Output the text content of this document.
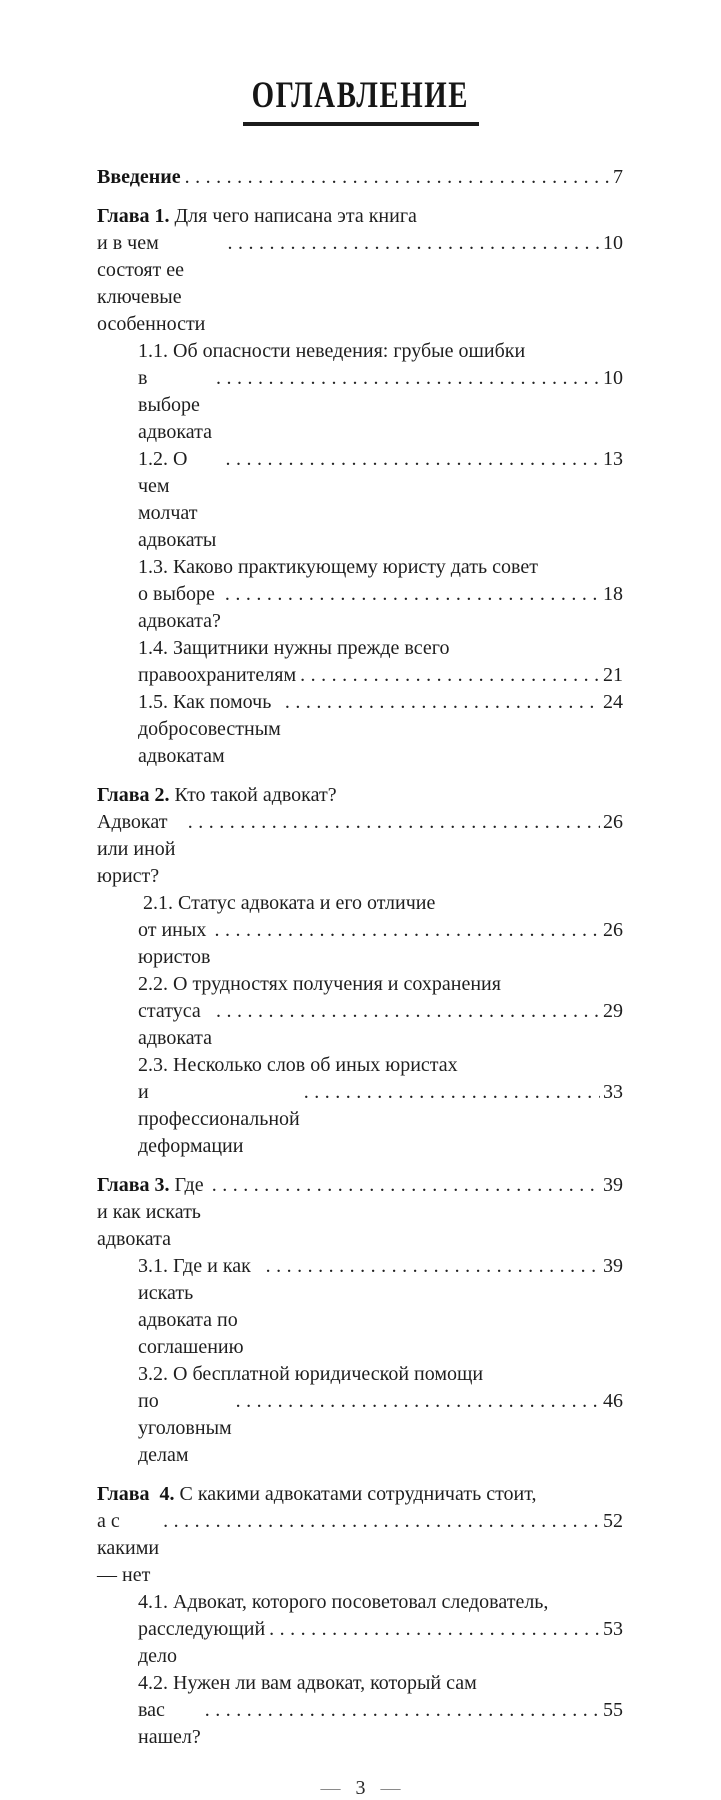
ОГЛАВЛЕНИЕ
Введение .....	7
Глава 1. Для чего написана эта книга
и в чем состоят ее ключевые особенности
.....
10
1.1. Об опасности неведения: грубые ошибки
в выборе адвоката
.....
10
1.2. О чем молчат адвокаты
.....
13
1.3. Каково практикующему юристу дать совет
о выборе адвоката?
.....
18
1.4. Защитники нужны прежде всего
правоохранителям .....	21
1.5. Как помочь добросовестным адвокатам
.....
24
Глава 2. Кто такой адвокат?
Адвокат или иной юрист?
.....
26
2.1. Статус адвоката и его отличие
от иных юристов
.....
26
2.2. О трудностях получения и сохранения
статуса адвоката
.....
29
2.3. Несколько слов об иных юристах
и профессиональной деформации
.....
33
Глава 3. Где и как искать адвоката
.....
39
3.1. Где и как искать адвоката по соглашению
.....
39
3.2. О бесплатной юридической помощи
по уголовным делам
.....
46
Глава  4. С какими адвокатами сотрудничать стоит,
а с какими — нет
.....
52
4.1. Адвокат, которого посоветовал следователь,
расследующий дело
.....
53
4.2. Нужен ли вам адвокат, который сам
вас нашел?
.....
55
— 3 —
